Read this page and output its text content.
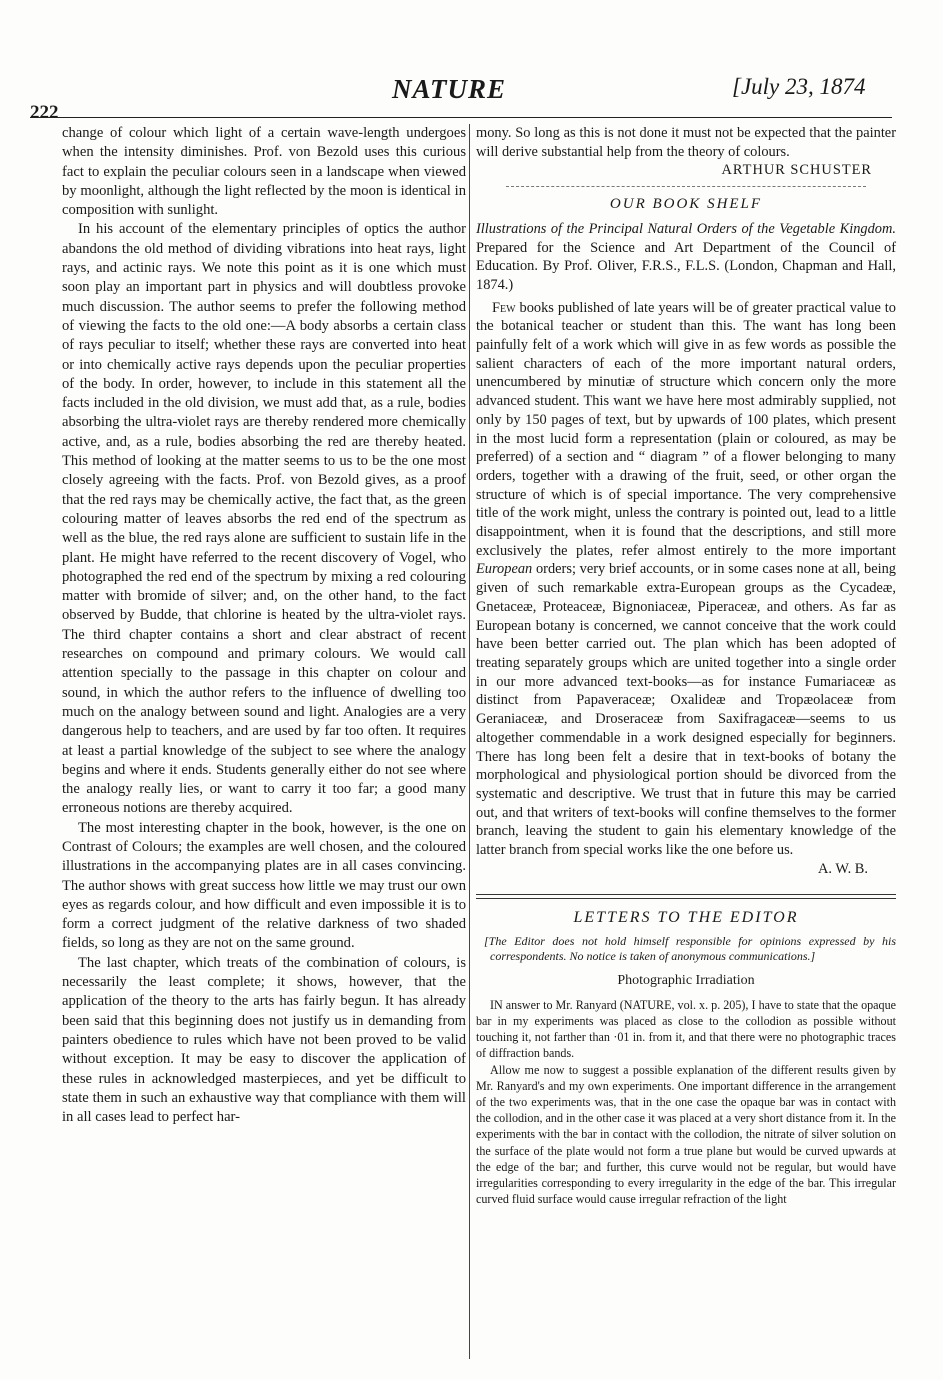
222
NATURE	[July 23, 1874

change of colour which light of a certain wave-length undergoes when the intensity diminishes. Prof. von Bezold uses this curious fact to explain the peculiar colours seen in a landscape when viewed by moonlight, although the light reflected by the moon is identical in composition with sunlight.

In his account of the elementary principles of optics the author abandons the old method of dividing vibrations into heat rays, light rays, and actinic rays. We note this point as it is one which must soon play an important part in physics and will doubtless provoke much discussion. The author seems to prefer the following method of viewing the facts to the old one:—A body absorbs a certain class of rays peculiar to itself; whether these rays are converted into heat or into chemically active rays depends upon the peculiar properties of the body. In order, however, to include in this statement all the facts included in the old division, we must add that, as a rule, bodies absorbing the ultra-violet rays are thereby rendered more chemically active, and, as a rule, bodies absorbing the red are thereby heated. This method of looking at the matter seems to us to be the one most closely agreeing with the facts. Prof. von Bezold gives, as a proof that the red rays may be chemically active, the fact that, as the green colouring matter of leaves absorbs the red end of the spectrum as well as the blue, the red rays alone are sufficient to sustain life in the plant. He might have referred to the recent discovery of Vogel, who photographed the red end of the spectrum by mixing a red colouring matter with bromide of silver; and, on the other hand, to the fact observed by Budde, that chlorine is heated by the ultra-violet rays. The third chapter contains a short and clear abstract of recent researches on compound and primary colours. We would call attention specially to the passage in this chapter on colour and sound, in which the author refers to the influence of dwelling too much on the analogy between sound and light. Analogies are a very dangerous help to teachers, and are used by far too often. It requires at least a partial knowledge of the subject to see where the analogy begins and where it ends. Students generally either do not see where the analogy really lies, or want to carry it too far; a good many erroneous notions are thereby acquired.

The most interesting chapter in the book, however, is the one on Contrast of Colours; the examples are well chosen, and the coloured illustrations in the accompanying plates are in all cases convincing. The author shows with great success how little we may trust our own eyes as regards colour, and how difficult and even impossible it is to form a correct judgment of the relative darkness of two shaded fields, so long as they are not on the same ground.

The last chapter, which treats of the combination of colours, is necessarily the least complete; it shows, however, that the application of the theory to the arts has fairly begun. It has already been said that this beginning does not justify us in demanding from painters obedience to rules which have not been proved to be valid without exception. It may be easy to discover the application of these rules in acknowledged masterpieces, and yet be difficult to state them in such an exhaustive way that compliance with them will in all cases lead to perfect har-

mony. So long as this is not done it must not be expected that the painter will derive substantial help from the theory of colours.

ARTHUR SCHUSTER
OUR BOOK SHELF

Illustrations of the Principal Natural Orders of the Vegetable Kingdom. Prepared for the Science and Art Department of the Council of Education. By Prof. Oliver, F.R.S., F.L.S. (London, Chapman and Hall, 1874.)

Few books published of late years will be of greater practical value to the botanical teacher or student than this. The want has long been painfully felt of a work which will give in as few words as possible the salient characters of each of the more important natural orders, unencumbered by minutiæ of structure which concern only the more advanced student. This want we have here most admirably supplied, not only by 150 pages of text, but by upwards of 100 plates, which present in the most lucid form a representation (plain or coloured, as may be preferred) of a section and “ diagram ” of a flower belonging to many orders, together with a drawing of the fruit, seed, or other organ the structure of which is of special importance. The very comprehensive title of the work might, unless the contrary is pointed out, lead to a little disappointment, when it is found that the descriptions, and still more exclusively the plates, refer almost entirely to the more important European orders; very brief accounts, or in some cases none at all, being given of such remarkable extra-European groups as the Cycadeæ, Gnetaceæ, Proteaceæ, Bignoniaceæ, Piperaceæ, and others. As far as European botany is concerned, we cannot conceive that the work could have been better carried out. The plan which has been adopted of treating separately groups which are united together into a single order in our more advanced text-books—as for instance Fumariaceæ as distinct from Papaveraceæ; Oxalideæ and Tropæolaceæ from Geraniaceæ, and Droseraceæ from Saxifragaceæ—seems to us altogether commendable in a work designed especially for beginners. There has long been felt a desire that in text-books of botany the morphological and physiological portion should be divorced from the systematic and descriptive. We trust that in future this may be carried out, and that writers of text-books will confine themselves to the former branch, leaving the student to gain his elementary knowledge of the latter branch from special works like the one before us.

A. W. B.
LETTERS TO THE EDITOR
[The Editor does not hold himself responsible for opinions expressed by his correspondents. No notice is taken of anonymous communications.]
Photographic Irradiation

IN answer to Mr. Ranyard (NATURE, vol. x. p. 205), I have to state that the opaque bar in my experiments was placed as close to the collodion as possible without touching it, not farther than ·01 in. from it, and that there were no photographic traces of diffraction bands.

Allow me now to suggest a possible explanation of the different results given by Mr. Ranyard's and my own experiments. One important difference in the arrangement of the two experiments was, that in the one case the opaque bar was in contact with the collodion, and in the other case it was placed at a very short distance from it. In the experiments with the bar in contact with the collodion, the nitrate of silver solution on the surface of the plate would not form a true plane but would be curved upwards at the edge of the bar; and further, this curve would not be regular, but would have irregularities corresponding to every irregularity in the edge of the bar. This irregular curved fluid surface would cause irregular refraction of the light
